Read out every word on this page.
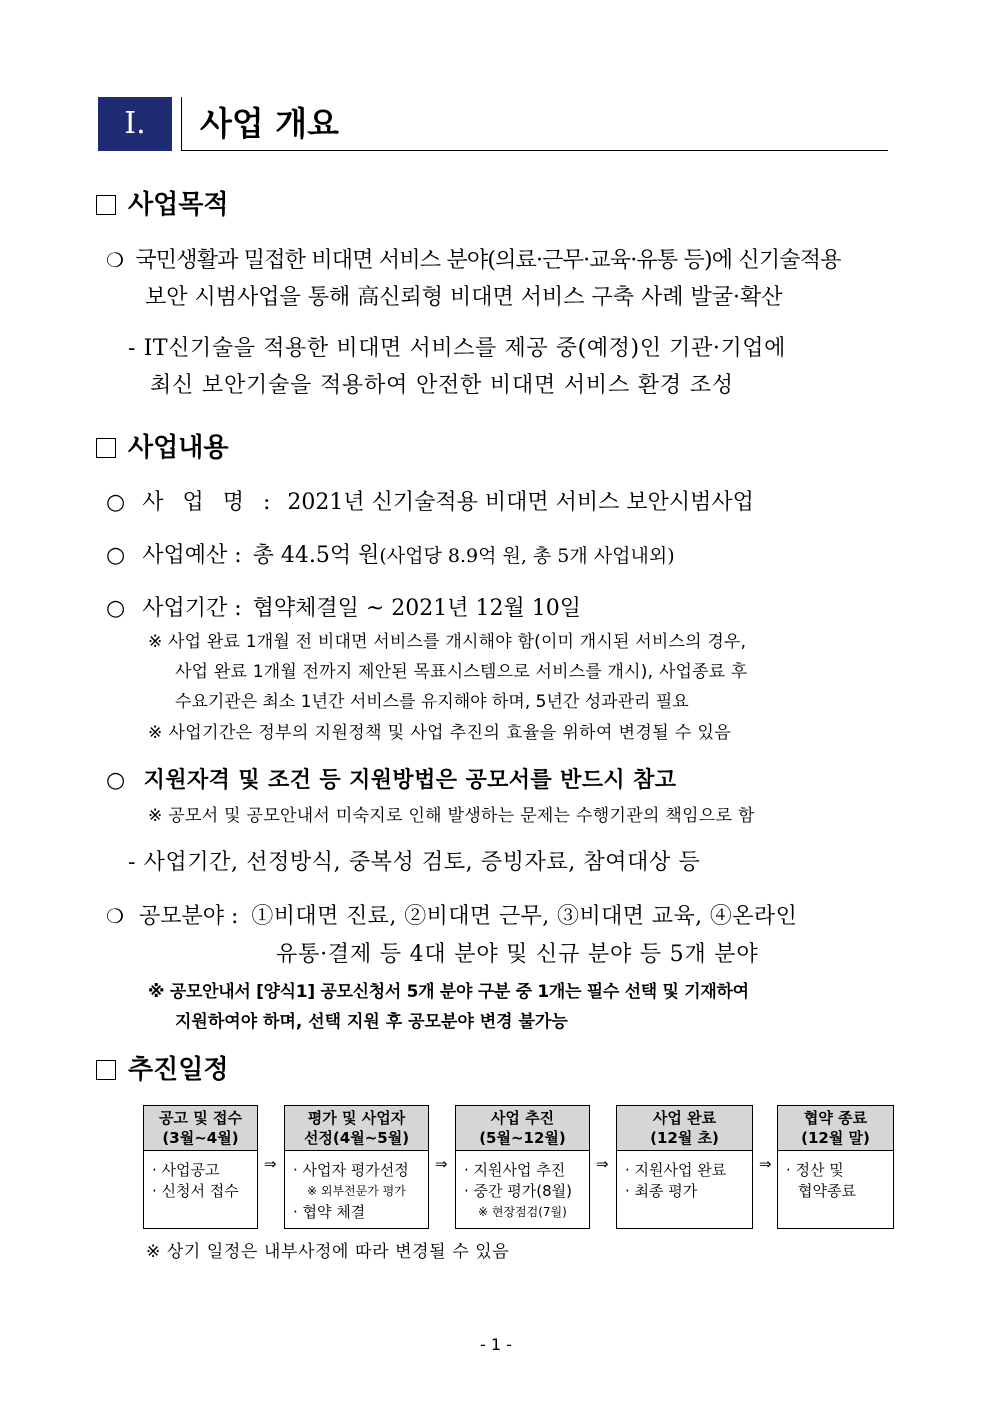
Ⅰ.	사업 개요
사업목적
❍ 국민생활과 밀접한 비대면 서비스 분야(의료·근무·교육·유통 등)에 신기술적용
보안 시범사업을 통해 高신뢰형 비대면 서비스 구축 사례 발굴·확산
- IT신기술을 적용한 비대면 서비스를 제공 중(예정)인 기관·기업에
최신 보안기술을 적용하여 안전한 비대면 서비스 환경 조성
사업내용
○ 사 업 명 : 2021년 신기술적용 비대면 서비스 보안시범사업
○ 사업예산 : 총 44.5억 원(사업당 8.9억 원, 총 5개 사업내외)
○ 사업기간 : 협약체결일 ~ 2021년 12월 10일
※ 사업 완료 1개월 전 비대면 서비스를 개시해야 함(이미 개시된 서비스의 경우,
사업 완료 1개월 전까지 제안된 목표시스템으로 서비스를 개시), 사업종료 후
수요기관은 최소 1년간 서비스를 유지해야 하며, 5년간 성과관리 필요
※ 사업기간은 정부의 지원정책 및 사업 추진의 효율을 위하여 변경될 수 있음
○ 지원자격 및 조건 등 지원방법은 공모서를 반드시 참고
※ 공모서 및 공모안내서 미숙지로 인해 발생하는 문제는 수행기관의 책임으로 함
- 사업기간, 선정방식, 중복성 검토, 증빙자료, 참여대상 등
❍ 공모분야 : ①비대면 진료, ②비대면 근무, ③비대면 교육, ④온라인
유통·결제 등 4대 분야 및 신규 분야 등 5개 분야
※ 공모안내서 [양식1] 공모신청서 5개 분야 구분 중 1개는 필수 선택 및 기재하여
지원하여야 하며, 선택 지원 후 공모분야 변경 불가능
추진일정
공고 및 접수
(3월~4월)
· 사업공고
· 신청서 접수
⇒
평가 및 사업자
선정(4월~5월)
· 사업자 평가선정
※ 외부전문가 평가
· 협약 체결
⇒
사업 추진
(5월~12월)
· 지원사업 추진
· 중간 평가(8월)
※ 현장점검(7월)
⇒
사업 완료
(12월 초)
· 지원사업 완료
· 최종 평가
⇒
협약 종료
(12월 말)
· 정산 및
협약종료
※ 상기 일정은 내부사정에 따라 변경될 수 있음
- 1 -
